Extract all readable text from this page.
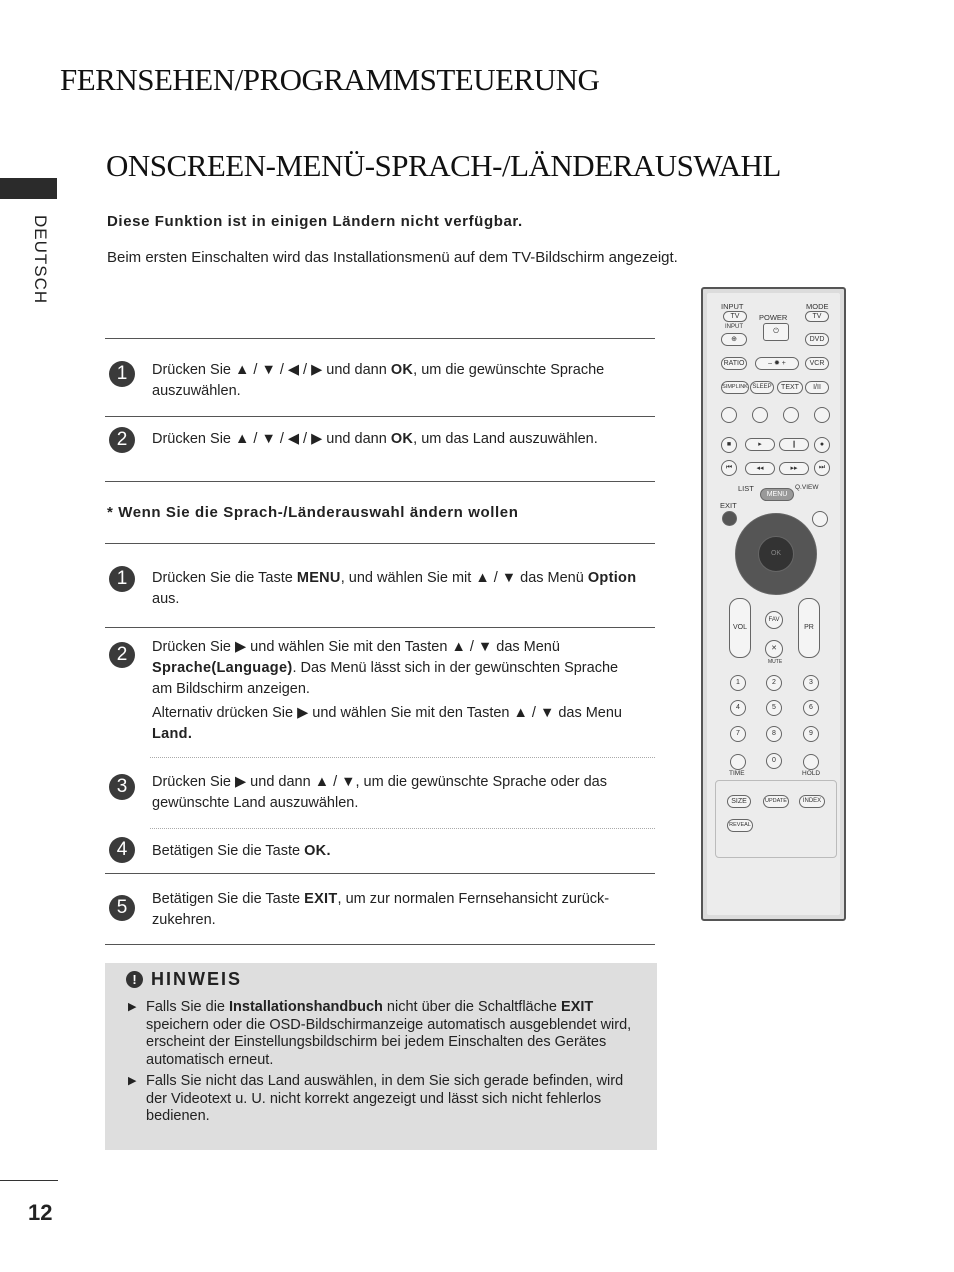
FERNSEHEN/PROGRAMMSTEUERUNG
ONSCREEN-MENÜ-SPRACH-/LÄNDERAUSWAHL
DEUTSCH	Diese Funktion ist in einigen Ländern nicht verfügbar.
Beim ersten Einschalten wird das Installationsmenü auf dem TV-Bildschirm angezeigt.
1	Drücken Sie ▲ / ▼ / ◀ / ▶ und dann OK, um die gewünschte Sprache auszuwählen.
2	Drücken Sie ▲ / ▼ / ◀ / ▶ und dann OK, um das Land auszuwählen.
* Wenn Sie die Sprach-/Länderauswahl ändern wollen
1	Drücken Sie die Taste MENU, und wählen Sie mit ▲ / ▼ das Menü Option aus.
2	Drücken Sie ▶ und wählen Sie mit den Tasten ▲ / ▼ das Menü Sprache(Language). Das Menü lässt sich in der gewünschten Sprache am Bildschirm anzeigen.
Alternativ drücken Sie ▶ und wählen Sie mit den Tasten ▲ / ▼ das Menu Land.
3	Drücken Sie ▶ und dann ▲ / ▼, um die gewünschte Sprache oder das gewünschte Land auszuwählen.
4	Betätigen Sie die Taste OK.
5	Betätigen Sie die Taste EXIT, um zur normalen Fernsehansicht zurück-zukehren.
! HINWEIS
▶ Falls Sie die Installationshandbuch nicht über die Schaltfläche EXIT speichern oder die OSD-Bildschirmanzeige automatisch ausgeblendet wird, erscheint der Einstellungsbildschirm bei jedem Einschalten des Gerätes automatisch erneut.
▶ Falls Sie nicht das Land auswählen, in dem Sie sich gerade befinden, wird der Videotext u. U. nicht korrekt angezeigt und lässt sich nicht fehlerlos bedienen.
12
INPUT
TV	POWER
⏻
MODE
TV
INPUT
⊕	DVD
RATIO	– ✹ +	VCR
SIMPLINK SLEEP	TEXT	I/II
■	▸	❙	●
⏮	◂◂	▸▸	⏭
LIST
MENU
Q.VIEW
EXIT
OK
VOL
FAV
✕
MUTE
PR
1	2	3
4	5	6
7	8	9
0
TIME	HOLD
SIZE	UPDATE	INDEX
REVEAL
